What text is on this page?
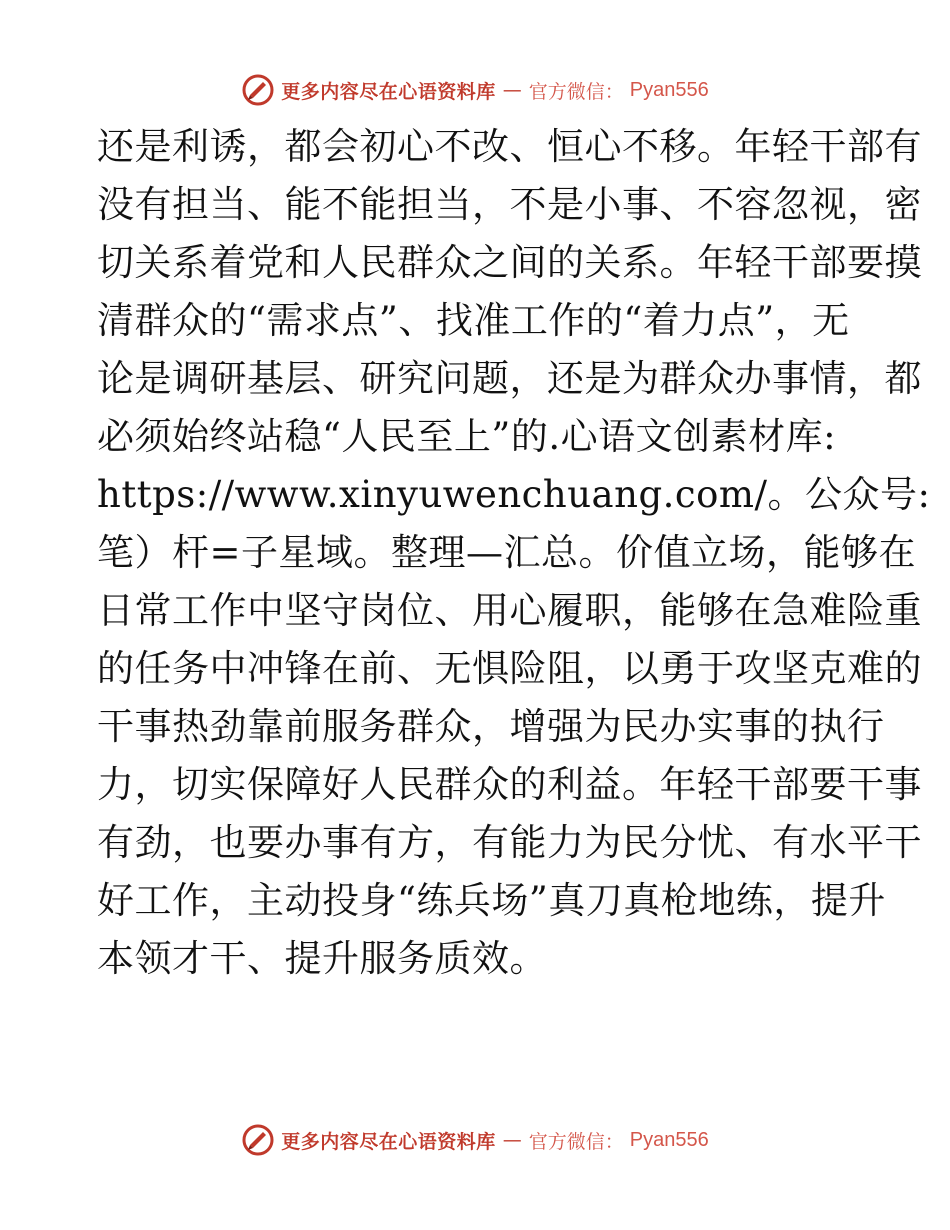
更多内容尽在心语资料库 — 官方微信： Pyan556
还是利诱，都会初心不改、恒心不移。年轻干部有
没有担当、能不能担当，不是小事、不容忽视，密
切关系着党和人民群众之间的关系。年轻干部要摸
清群众的“需求点”、找准工作的“着力点”，无
论是调研基层、研究问题，还是为群众办事情，都
必须始终站稳“人民至上”的.心语文创素材库:
https://www.xinyuwenchuang.com/。公众号:
笔）杆=子星域。整理—汇总。价值立场，能够在
日常工作中坚守岗位、用心履职，能够在急难险重
的任务中冲锋在前、无惧险阻，以勇于攻坚克难的
干事热劲靠前服务群众，增强为民办实事的执行
力，切实保障好人民群众的利益。年轻干部要干事
有劲，也要办事有方，有能力为民分忧、有水平干
好工作，主动投身“练兵场”真刀真枪地练，提升
本领才干、提升服务质效。
更多内容尽在心语资料库 — 官方微信： Pyan556
